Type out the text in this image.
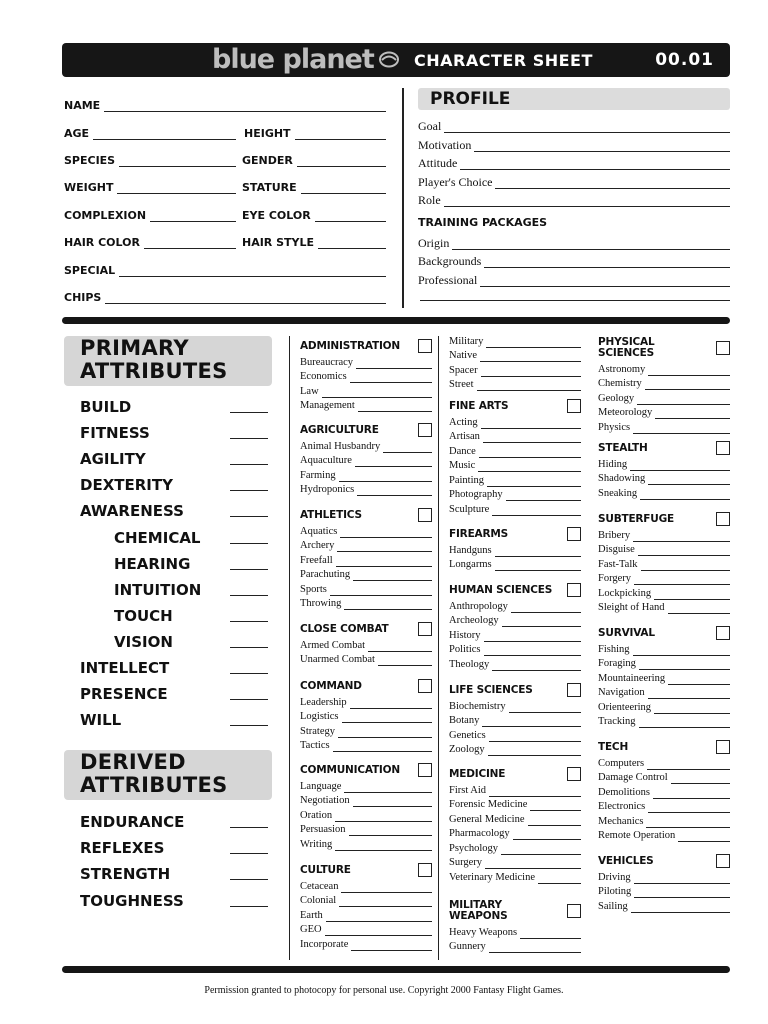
blue planet	CHARACTER SHEET	00.01
NAME
AGE	HEIGHT
SPECIES	GENDER
WEIGHT	STATURE
COMPLEXION	EYE COLOR
HAIR COLOR	HAIR STYLE
SPECIAL
CHIPS
PROFILE
Goal
Motivation
Attitude
Player's Choice
Role
TRAINING PACKAGES
Origin
Backgrounds
Professional
PRIMARY
ATTRIBUTES
BUILD
FITNESS
AGILITY
DEXTERITY
AWARENESS
CHEMICAL
HEARING
INTUITION
TOUCH
VISION
INTELLECT
PRESENCE
WILL
DERIVED
ATTRIBUTES
ENDURANCE
REFLEXES
STRENGTH
TOUGHNESS
ADMINISTRATION
Bureaucracy
Economics
Law
Management
AGRICULTURE
Animal Husbandry
Aquaculture
Farming
Hydroponics
ATHLETICS
Aquatics
Archery
Freefall
Parachuting
Sports
Throwing
CLOSE COMBAT
Armed Combat
Unarmed Combat
COMMAND
Leadership
Logistics
Strategy
Tactics
COMMUNICATION
Language
Negotiation
Oration
Persuasion
Writing
CULTURE
Cetacean
Colonial
Earth
GEO
Incorporate
Military
Native
Spacer
Street
FINE ARTS
Acting
Artisan
Dance
Music
Painting
Photography
Sculpture
FIREARMS
Handguns
Longarms
HUMAN SCIENCES
Anthropology
Archeology
History
Politics
Theology
LIFE SCIENCES
Biochemistry
Botany
Genetics
Zoology
MEDICINE
First Aid
Forensic Medicine
General Medicine
Pharmacology
Psychology
Surgery
Veterinary Medicine
MILITARY
WEAPONS
Heavy Weapons
Gunnery
PHYSICAL
SCIENCES
Astronomy
Chemistry
Geology
Meteorology
Physics
STEALTH
Hiding
Shadowing
Sneaking
SUBTERFUGE
Bribery
Disguise
Fast-Talk
Forgery
Lockpicking
Sleight of Hand
SURVIVAL
Fishing
Foraging
Mountaineering
Navigation
Orienteering
Tracking
TECH
Computers
Damage Control
Demolitions
Electronics
Mechanics
Remote Operation
VEHICLES
Driving
Piloting
Sailing
Permission granted to photocopy for personal use. Copyright 2000 Fantasy Flight Games.
